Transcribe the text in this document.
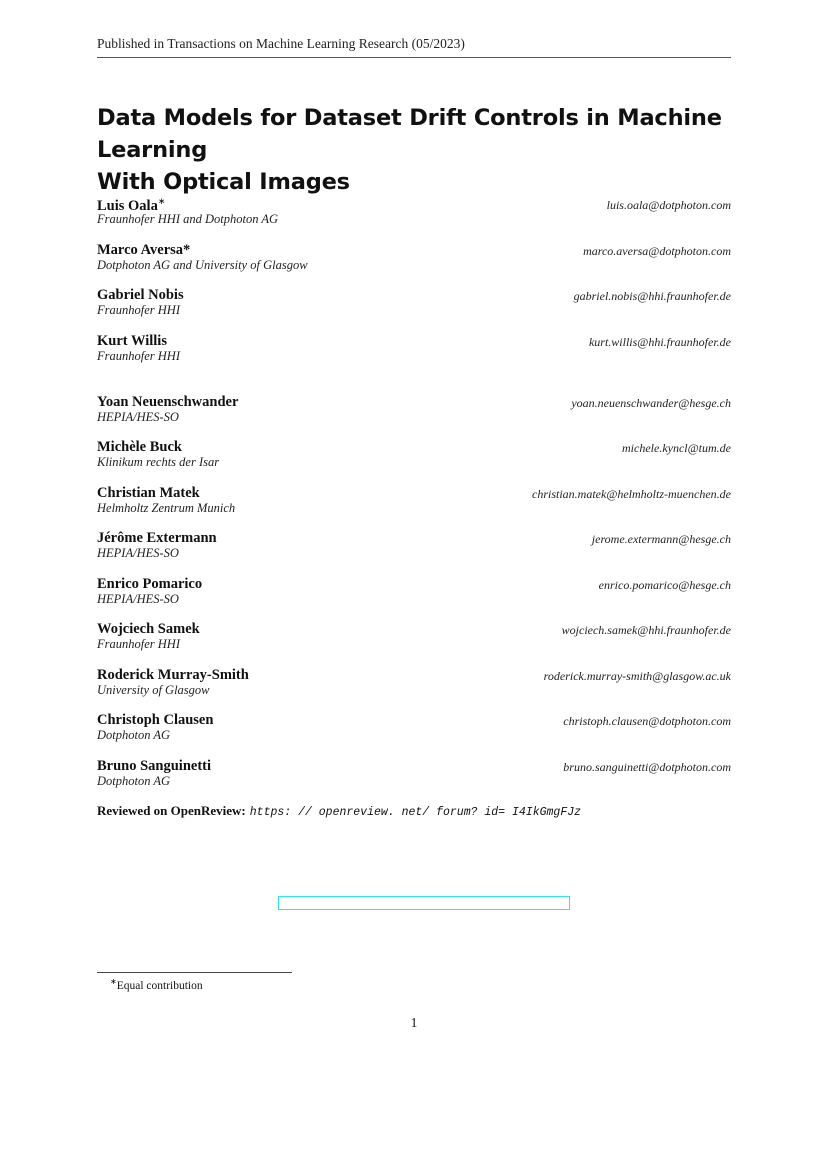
Published in Transactions on Machine Learning Research (05/2023)
Data Models for Dataset Drift Controls in Machine Learning
With Optical Images
Luis Oala∗
Fraunhofer HHI and Dotphoton AG
luis.oala@dotphoton.com
Marco Aversa*
Dotphoton AG and University of Glasgow
marco.aversa@dotphoton.com
Gabriel Nobis
Fraunhofer HHI
gabriel.nobis@hhi.fraunhofer.de
Kurt Willis
Fraunhofer HHI
kurt.willis@hhi.fraunhofer.de
Yoan Neuenschwander
HEPIA/HES-SO
yoan.neuenschwander@hesge.ch
Michèle Buck
Klinikum rechts der Isar
michele.kyncl@tum.de
Christian Matek
Helmholtz Zentrum Munich
christian.matek@helmholtz-muenchen.de
Jérôme Extermann
HEPIA/HES-SO
jerome.extermann@hesge.ch
Enrico Pomarico
HEPIA/HES-SO
enrico.pomarico@hesge.ch
Wojciech Samek
Fraunhofer HHI
wojciech.samek@hhi.fraunhofer.de
Roderick Murray-Smith
University of Glasgow
roderick.murray-smith@glasgow.ac.uk
Christoph Clausen
Dotphoton AG
christoph.clausen@dotphoton.com
Bruno Sanguinetti
Dotphoton AG
bruno.sanguinetti@dotphoton.com
Reviewed on OpenReview: https: // openreview. net/ forum? id= I4IkGmgFJz
∗Equal contribution
1
